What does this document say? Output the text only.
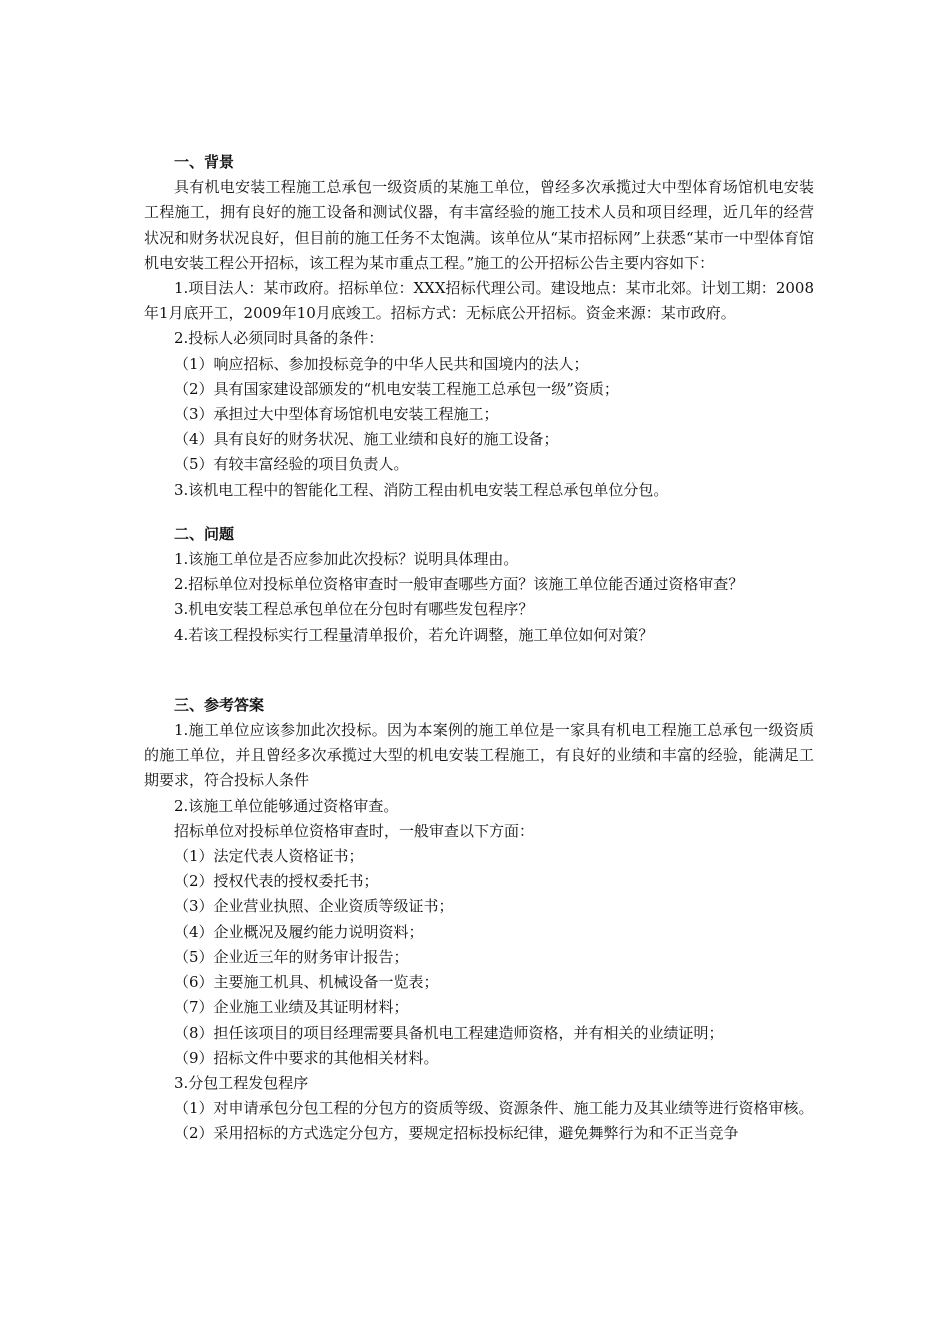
一、背景

具有机电安装工程施工总承包一级资质的某施工单位，曾经多次承揽过大中型体育场馆机电安装工程施工，拥有良好的施工设备和测试仪器，有丰富经验的施工技术人员和项目经理，近几年的经营状况和财务状况良好，但目前的施工任务不太饱满。该单位从“某市招标网”上获悉“某市一中型体育馆机电安装工程公开招标，该工程为某市重点工程。”施工的公开招标公告主要内容如下：

1.项目法人：某市政府。招标单位：XXX招标代理公司。建设地点：某市北郊。计划工期：2008年1月底开工，2009年10月底竣工。招标方式：无标底公开招标。资金来源：某市政府。

2.投标人必须同时具备的条件：

（1）响应招标、参加投标竞争的中华人民共和国境内的法人；

（2）具有国家建设部颁发的“机电安装工程施工总承包一级”资质；

（3）承担过大中型体育场馆机电安装工程施工；

（4）具有良好的财务状况、施工业绩和良好的施工设备；

（5）有较丰富经验的项目负责人。

3.该机电工程中的智能化工程、消防工程由机电安装工程总承包单位分包。

二、问题

1.该施工单位是否应参加此次投标？说明具体理由。

2.招标单位对投标单位资格审查时一般审查哪些方面？该施工单位能否通过资格审查？

3.机电安装工程总承包单位在分包时有哪些发包程序？

4.若该工程投标实行工程量清单报价，若允许调整，施工单位如何对策？

三、参考答案

1.施工单位应该参加此次投标。因为本案例的施工单位是一家具有机电工程施工总承包一级资质的施工单位，并且曾经多次承揽过大型的机电安装工程施工，有良好的业绩和丰富的经验，能满足工期要求，符合投标人条件

2.该施工单位能够通过资格审查。

招标单位对投标单位资格审查时，一般审查以下方面：

（1）法定代表人资格证书；

（2）授权代表的授权委托书；

（3）企业营业执照、企业资质等级证书；

（4）企业概况及履约能力说明资料；

（5）企业近三年的财务审计报告；

（6）主要施工机具、机械设备一览表；

（7）企业施工业绩及其证明材料；

（8）担任该项目的项目经理需要具备机电工程建造师资格，并有相关的业绩证明；

（9）招标文件中要求的其他相关材料。

3.分包工程发包程序

（1）对申请承包分包工程的分包方的资质等级、资源条件、施工能力及其业绩等进行资格审核。

（2）采用招标的方式选定分包方，要规定招标投标纪律，避免舞弊行为和不正当竞争
